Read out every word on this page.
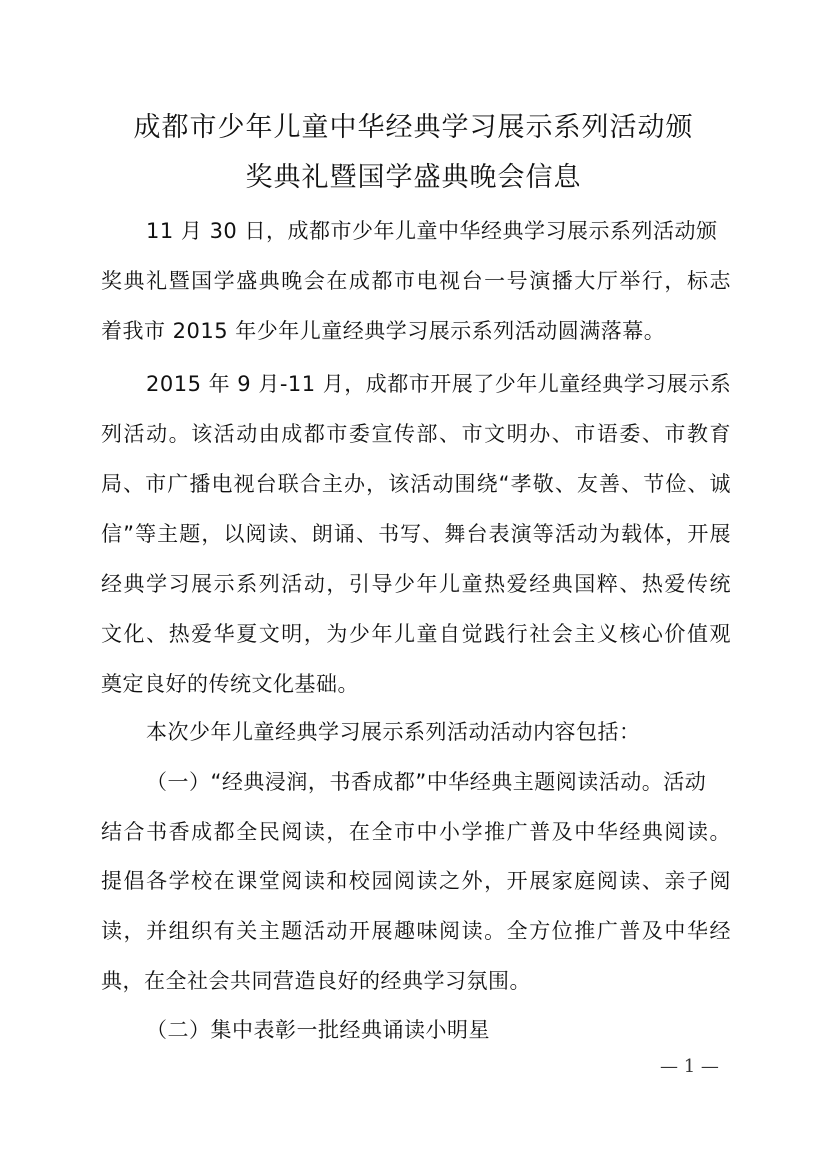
成都市少年儿童中华经典学习展示系列活动颁
奖典礼暨国学盛典晚会信息
11 月 30 日，成都市少年儿童中华经典学习展示系列活动颁
奖典礼暨国学盛典晚会在成都市电视台一号演播大厅举行，标志
着我市 2015 年少年儿童经典学习展示系列活动圆满落幕。
2015 年 9 月-11 月，成都市开展了少年儿童经典学习展示系
列活动。该活动由成都市委宣传部、市文明办、市语委、市教育
局、市广播电视台联合主办，该活动围绕“孝敬、友善、节俭、诚
信”等主题，以阅读、朗诵、书写、舞台表演等活动为载体，开展
经典学习展示系列活动，引导少年儿童热爱经典国粹、热爱传统
文化、热爱华夏文明，为少年儿童自觉践行社会主义核心价值观
奠定良好的传统文化基础。
本次少年儿童经典学习展示系列活动活动内容包括：
（一）“经典浸润，书香成都”中华经典主题阅读活动。活动
结合书香成都全民阅读，在全市中小学推广普及中华经典阅读。
提倡各学校在课堂阅读和校园阅读之外，开展家庭阅读、亲子阅
读，并组织有关主题活动开展趣味阅读。全方位推广普及中华经
典，在全社会共同营造良好的经典学习氛围。
（二）集中表彰一批经典诵读小明星
— 1 —
